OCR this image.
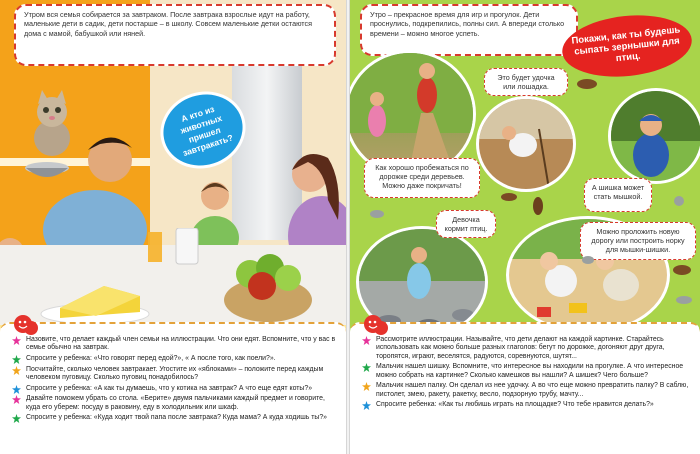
Утром вся семья собирается за завтраком. После завтрака взрослые идут на работу, маленькие дети в садик, дети постарше – в школу. Совсем маленькие детки остаются дома с мамой, бабушкой или няней.
А кто из животных пришел завтракать?
Назовите, что делает каждый член семьи на иллюстрации. Что они едят. Вспомните, что у вас в семье обычно на завтрак.
Спросите у ребенка: «Что говорят перед едой?», « А после того, как поели?».
Посчитайте, сколько человек завтракает. Угостите их «яблоками» – положите перед каждым человеком пуговицу. Сколько пуговиц понадобилось?
Спросите у ребенка: «А как ты думаешь, что у котика на завтрак? А что еще едят коты?»
Давайте поможем убрать со стола. «Берите» двумя пальчиками каждый предмет и говорите, куда его уберем: посуду в раковину, еду в холодильник или шкаф.
Спросите у ребенка: «Куда ходит твой папа после завтрака? Куда мама? А куда ходишь ты?»
Утро – прекрасное время для игр и прогулок. Дети проснулись, подкрепились, полны сил. А впереди столько времени – можно многое успеть.	Покажи, как ты будешь сыпать зернышки для птиц.
Это будет удочка или лошадка.
Как хорошо пробежаться по дорожке среди деревьев. Можно даже покричать!	А шишка может стать мышкой.
Девочка кормит птиц.	Можно проложить новую дорогу или построить норку для мышки-шишки.
Рассмотрите иллюстрации. Называйте, что дети делают на каждой картинке. Старайтесь использовать как можно больше разных глаголов: бегут по дорожке, догоняют друг друга, торопятся, играют, веселятся, радуются, соревнуются, шутят...
Мальчик нашел шишку. Вспомните, что интересное вы находили на прогулке. А что интересное можно собрать на картинке? Сколько камешков вы нашли? А шишек? Чего больше?
Мальчик нашел палку. Он сделал из нее удочку. А во что еще можно превратить палку? В саблю, пистолет, змею, ракету, ракетку, весло, подзорную трубу, мачту...
Спросите ребенка: «Как ты любишь играть на площадке? Что тебе нравится делать?»
